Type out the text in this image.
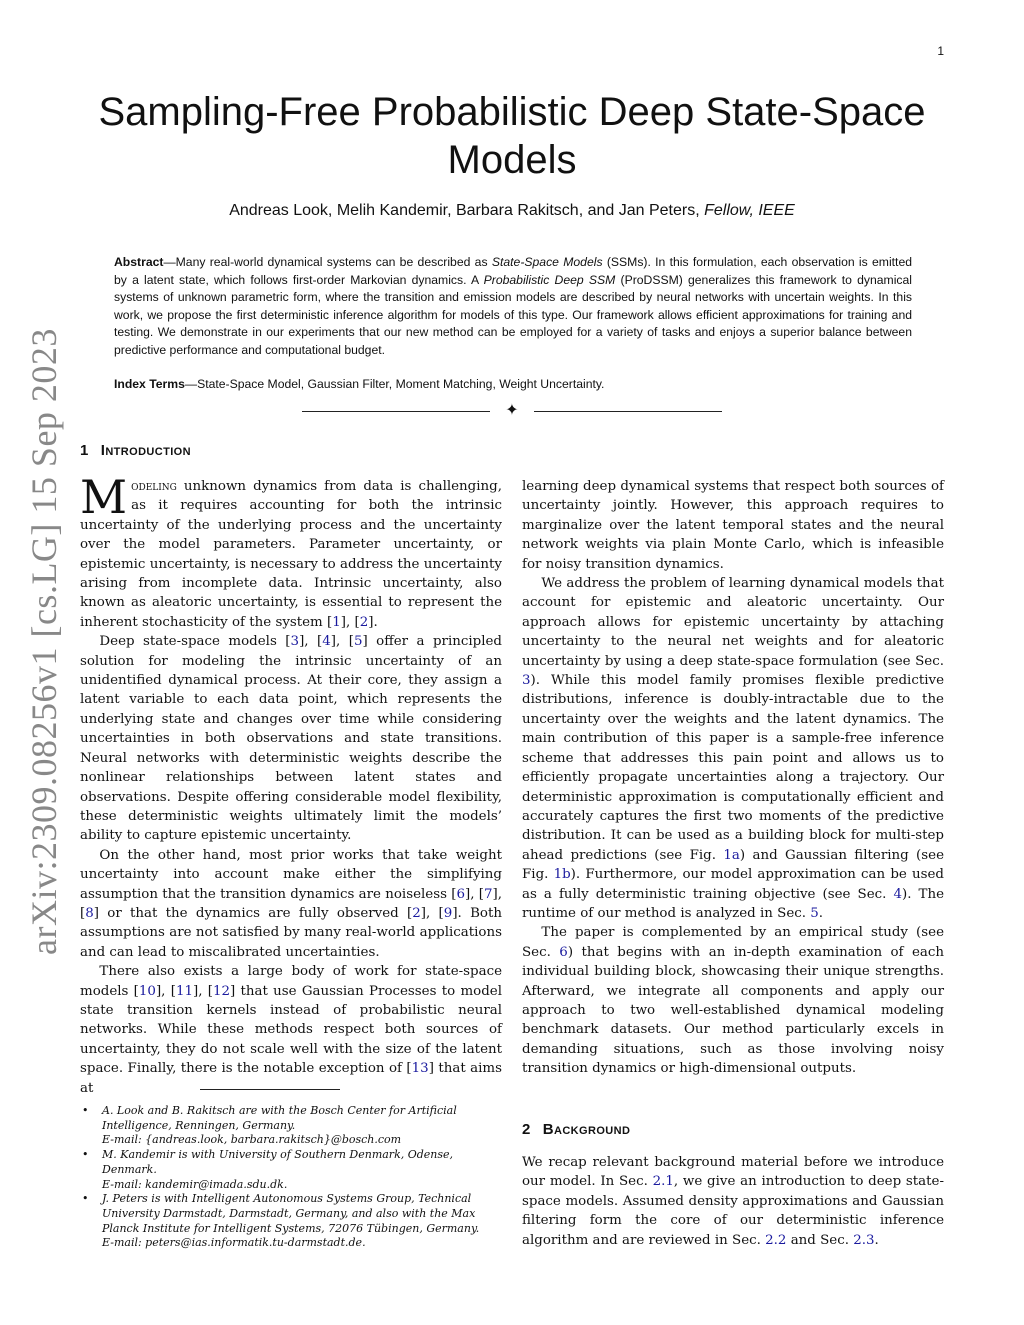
1
arXiv:2309.08256v1 [cs.LG] 15 Sep 2023
Sampling-Free Probabilistic Deep State-Space Models
Andreas Look, Melih Kandemir, Barbara Rakitsch, and Jan Peters, Fellow, IEEE

Abstract—Many real-world dynamical systems can be described as State-Space Models (SSMs). In this formulation, each observation is emitted by a latent state, which follows first-order Markovian dynamics. A Probabilistic Deep SSM (ProDSSM) generalizes this framework to dynamical systems of unknown parametric form, where the transition and emission models are described by neural networks with uncertain weights. In this work, we propose the first deterministic inference algorithm for models of this type. Our framework allows efficient approximations for training and testing. We demonstrate in our experiments that our new method can be employed for a variety of tasks and enjoys a superior balance between predictive performance and computational budget.

Index Terms—State-Space Model, Gaussian Filter, Moment Matching, Weight Uncertainty.

✦
1 Introduction

Modeling unknown dynamics from data is challenging, as it requires accounting for both the intrinsic uncertainty of the underlying process and the uncertainty over the model parameters. Parameter uncertainty, or epistemic uncertainty, is necessary to address the uncertainty arising from incomplete data. Intrinsic uncertainty, also known as aleatoric uncertainty, is essential to represent the inherent stochasticity of the system [1], [2].

Deep state-space models [3], [4], [5] offer a principled solution for modeling the intrinsic uncertainty of an unidentified dynamical process. At their core, they assign a latent variable to each data point, which represents the underlying state and changes over time while considering uncertainties in both observations and state transitions. Neural networks with deterministic weights describe the nonlinear relationships between latent states and observations. Despite offering considerable model flexibility, these deterministic weights ultimately limit the models’ ability to capture epistemic uncertainty.

On the other hand, most prior works that take weight uncertainty into account make either the simplifying assumption that the transition dynamics are noiseless [6], [7], [8] or that the dynamics are fully observed [2], [9]. Both assumptions are not satisfied by many real-world applications and can lead to miscalibrated uncertainties.

There also exists a large body of work for state-space models [10], [11], [12] that use Gaussian Processes to model state transition kernels instead of probabilistic neural networks. While these methods respect both sources of uncertainty, they do not scale well with the size of the latent space. Finally, there is the notable exception of [13] that aims at

• A. Look and B. Rakitsch are with the Bosch Center for Artificial Intelligence, Renningen, Germany.
E-mail: {andreas.look, barbara.rakitsch}@bosch.com
• M. Kandemir is with University of Southern Denmark, Odense, Denmark.
E-mail: kandemir@imada.sdu.dk.
• J. Peters is with Intelligent Autonomous Systems Group, Technical University Darmstadt, Darmstadt, Germany, and also with the Max Planck Institute for Intelligent Systems, 72076 Tübingen, Germany.
E-mail: peters@ias.informatik.tu-darmstadt.de.

learning deep dynamical systems that respect both sources of uncertainty jointly. However, this approach requires to marginalize over the latent temporal states and the neural network weights via plain Monte Carlo, which is infeasible for noisy transition dynamics.

We address the problem of learning dynamical models that account for epistemic and aleatoric uncertainty. Our approach allows for epistemic uncertainty by attaching uncertainty to the neural net weights and for aleatoric uncertainty by using a deep state-space formulation (see Sec. 3). While this model family promises flexible predictive distributions, inference is doubly-intractable due to the uncertainty over the weights and the latent dynamics. The main contribution of this paper is a sample-free inference scheme that addresses this pain point and allows us to efficiently propagate uncertainties along a trajectory. Our deterministic approximation is computationally efficient and accurately captures the first two moments of the predictive distribution. It can be used as a building block for multi-step ahead predictions (see Fig. 1a) and Gaussian filtering (see Fig. 1b). Furthermore, our model approximation can be used as a fully deterministic training objective (see Sec. 4). The runtime of our method is analyzed in Sec. 5.

The paper is complemented by an empirical study (see Sec. 6) that begins with an in-depth examination of each individual building block, showcasing their unique strengths. Afterward, we integrate all components and apply our approach to two well-established dynamical modeling benchmark datasets. Our method particularly excels in demanding situations, such as those involving noisy transition dynamics or high-dimensional outputs.

2 Background

We recap relevant background material before we introduce our model. In Sec. 2.1, we give an introduction to deep state-space models. Assumed density approximations and Gaussian filtering form the core of our deterministic inference algorithm and are reviewed in Sec. 2.2 and Sec. 2.3.
